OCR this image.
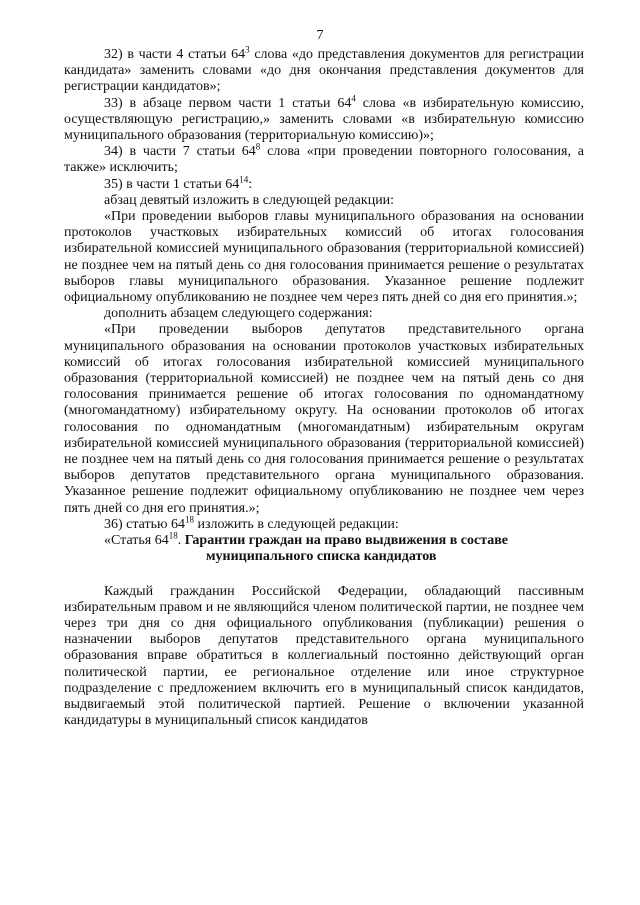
7

32) в части 4 статьи $64^3$ слова «до представления документов для регистрации кандидата» заменить словами «до дня окончания представления документов для регистрации кандидатов»;

33) в абзаце первом части 1 статьи $64^4$ слова «в избирательную комиссию, осуществляющую регистрацию,» заменить словами «в избирательную комиссию муниципального образования (территориальную комиссию)»;

34) в части 7 статьи $64^8$ слова «при проведении повторного голосования, а также» исключить;

35) в части 1 статьи $64^{14}$:

абзац девятый изложить в следующей редакции:

«При проведении выборов главы муниципального образования на основании протоколов участковых избирательных комиссий об итогах голосования избирательной комиссией муниципального образования (территориальной комиссией) не позднее чем на пятый день со дня голосования принимается решение о результатах выборов главы муниципального образования. Указанное решение подлежит официальному опубликованию не позднее чем через пять дней со дня его принятия.»;

дополнить абзацем следующего содержания:

«При проведении выборов депутатов представительного органа муниципального образования на основании протоколов участковых избирательных комиссий об итогах голосования избирательной комиссией муниципального образования (территориальной комиссией) не позднее чем на пятый день со дня голосования принимается решение об итогах голосования по одномандатному (многомандатному) избирательному округу. На основании протоколов об итогах голосования по одномандатным (многомандатным) избирательным округам избирательной комиссией муниципального образования (территориальной комиссией) не позднее чем на пятый день со дня голосования принимается решение о результатах выборов депутатов представительного органа муниципального образования. Указанное решение подлежит официальному опубликованию не позднее чем через пять дней со дня его принятия.»;

36) статью $64^{18}$ изложить в следующей редакции:

«Статья $64^{18}$. Гарантии граждан на право выдвижения в составе
муниципального списка кандидатов

Каждый гражданин Российской Федерации, обладающий пассивным избирательным правом и не являющийся членом политической партии, не позднее чем через три дня со дня официального опубликования (публикации) решения о назначении выборов депутатов представительного органа муниципального образования вправе обратиться в коллегиальный постоянно действующий орган политической партии, ее региональное отделение или иное структурное подразделение с предложением включить его в муниципальный список кандидатов, выдвигаемый этой политической партией. Решение о включении указанной кандидатуры в муниципальный список кандидатов
